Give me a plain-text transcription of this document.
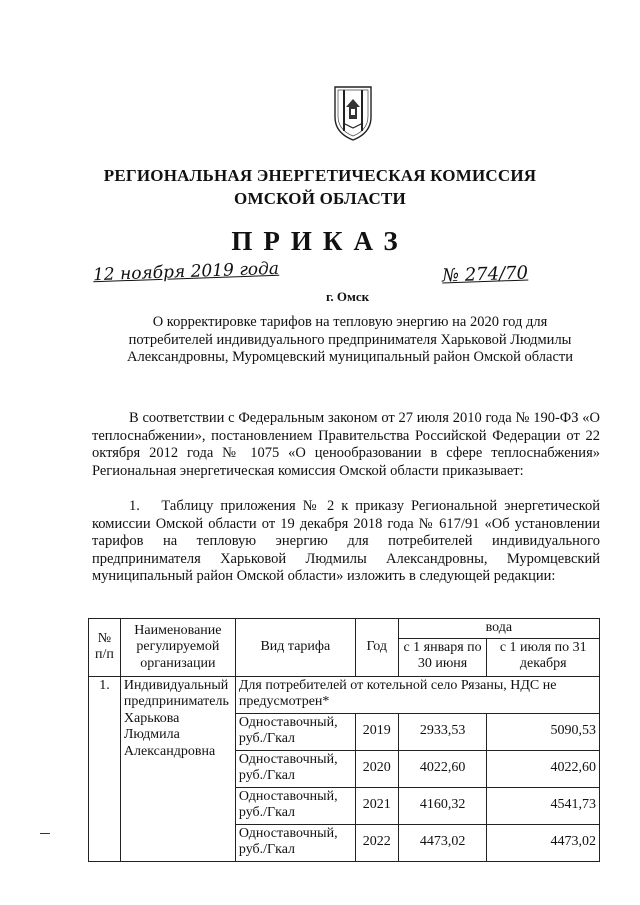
РЕГИОНАЛЬНАЯ ЭНЕРГЕТИЧЕСКАЯ КОМИССИЯ
ОМСКОЙ ОБЛАСТИ
ПРИКАЗ
12 ноября 2019 года	№ 274/70
г. Омск
О корректировке тарифов на тепловую энергию на 2020 год для потребителей индивидуального предпринимателя Харьковой Людмилы Александровны, Муромцевский муниципальный район Омской области
В соответствии с Федеральным законом от 27 июля 2010 года № 190-ФЗ «О теплоснабжении», постановлением Правительства Российской Федерации от 22 октября 2012 года № 1075 «О ценообразовании в сфере теплоснабжения» Региональная энергетическая комиссия Омской области приказывает:
1.  Таблицу приложения № 2 к приказу Региональной энергетической комиссии Омской области от 19 декабря 2018 года № 617/91 «Об установлении тарифов на тепловую энергию для потребителей индивидуального предпринимателя Харьковой Людмилы Александровны, Муромцевский муниципальный район Омской области» изложить в следующей редакции:
№ п/п	Наименование регулируемой организации	Вид тарифа	Год	вода	
				с 1 января по 30 июня	с 1 июля по 31 декабря
1.	Индивидуальный предприниматель Харькова Людмила Александровна	Для потребителей от котельной село Рязаны, НДС не предусмотрен*			
		Одноставочный, руб./Гкал	2019	2933,53	5090,53
		Одноставочный, руб./Гкал	2020	4022,60	4022,60
		Одноставочный, руб./Гкал	2021	4160,32	4541,73
		Одноставочный, руб./Гкал	2022	4473,02	4473,02
